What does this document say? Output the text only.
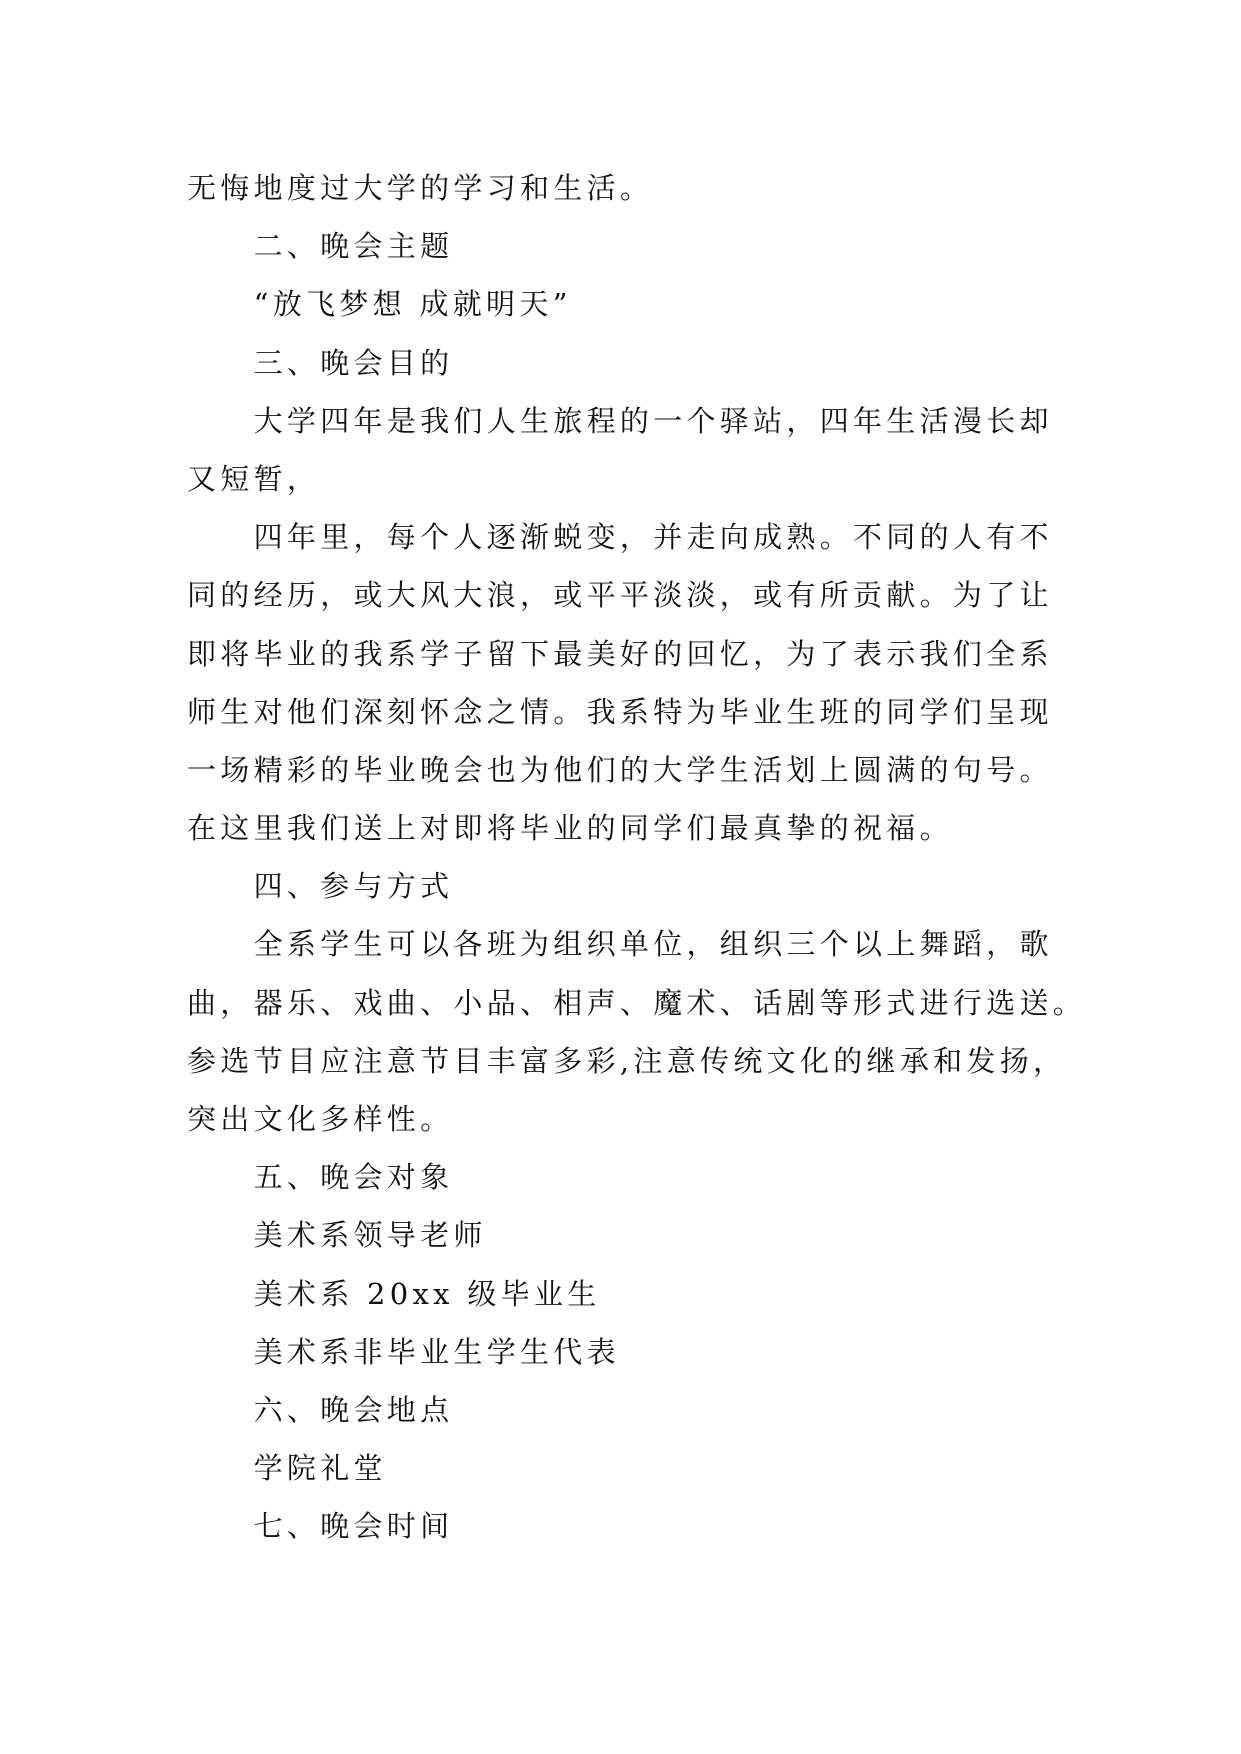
无悔地度过大学的学习和生活。
二、晚会主题
“放飞梦想 成就明天”
三、晚会目的
大学四年是我们人生旅程的一个驿站，四年生活漫长却
又短暂，
四年里，每个人逐渐蜕变，并走向成熟。不同的人有不
同的经历，或大风大浪，或平平淡淡，或有所贡献。为了让
即将毕业的我系学子留下最美好的回忆，为了表示我们全系
师生对他们深刻怀念之情。我系特为毕业生班的同学们呈现
一场精彩的毕业晚会也为他们的大学生活划上圆满的句号。
在这里我们送上对即将毕业的同学们最真挚的祝福。
四、参与方式
全系学生可以各班为组织单位，组织三个以上舞蹈，歌
曲，器乐、戏曲、小品、相声、魔术、话剧等形式进行选送。
参选节目应注意节目丰富多彩,注意传统文化的继承和发扬，
突出文化多样性。
五、晚会对象
美术系领导老师
美术系 20xx 级毕业生
美术系非毕业生学生代表
六、晚会地点
学院礼堂
七、晚会时间
